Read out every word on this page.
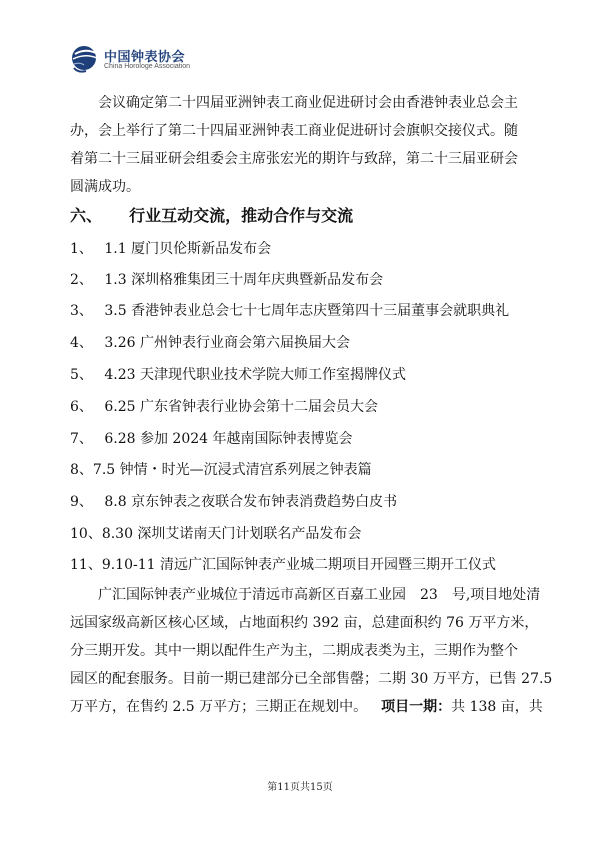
中国钟表协会
China Horologe Association
会议确定第二十四届亚洲钟表工商业促进研讨会由香港钟表业总会主
办，会上举行了第二十四届亚洲钟表工商业促进研讨会旗帜交接仪式。随
着第二十三届亚研会组委会主席张宏光的期许与致辞，第二十三届亚研会
圆满成功。
六、 行业互动交流，推动合作与交流
1、　 1.1 厦门贝伦斯新品发布会
2、　 1.3 深圳格雅集团三十周年庆典暨新品发布会
3、　 3.5 香港钟表业总会七十七周年志庆暨第四十三届董事会就职典礼
4、　 3.26 广州钟表行业商会第六届换届大会
5、　 4.23 天津现代职业技术学院大师工作室揭牌仪式
6、　 6.25 广东省钟表行业协会第十二届会员大会
7、　 6.28 参加 2024 年越南国际钟表博览会
8、7.5 钟情・时光—沉浸式清宫系列展之钟表篇
9、　 8.8 京东钟表之夜联合发布钟表消费趋势白皮书
10、8.30 深圳艾诺南天门计划联名产品发布会
11、9.10-11 清远广汇国际钟表产业城二期项目开园暨三期开工仪式
广汇国际钟表产业城位于清远市高新区百嘉工业园　23　号,项目地处清
远国家级高新区核心区域，占地面积约 392 亩，总建面积约 76 万平方米，
分三期开发。其中一期以配件生产为主，二期成表类为主，三期作为整个
园区的配套服务。目前一期已建部分已全部售罄；二期 30 万平方，已售 27.5
万平方，在售约 2.5 万平方；三期正在规划中。 项目一期：共 138 亩，共
第11页共15页
